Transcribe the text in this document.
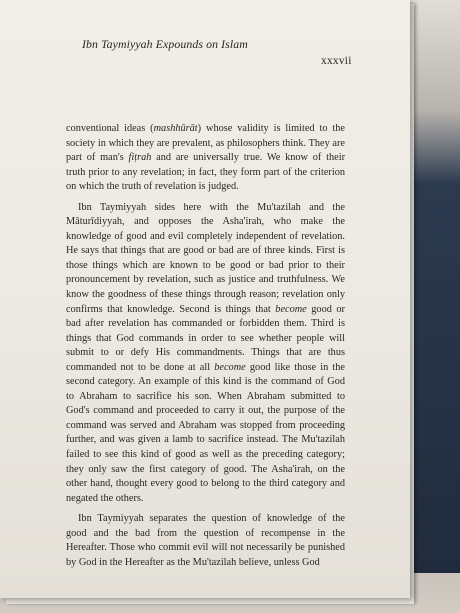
Ibn Taymiyyah Expounds on Islam
xxxvii

conventional ideas (mashhūrāt) whose validity is limited to the
society in which they are prevalent, as philosophers think. They are
part of man's fiṭrah and are universally true. We know of their
truth prior to any revelation; in fact, they form part of the criterion
on which the truth of revelation is judged.

Ibn Taymiyyah sides here with the Mu'tazilah and the
Māturīdiyyah, and opposes the Asha'irah, who make the
knowledge of good and evil completely independent of revelation.
He says that things that are good or bad are of three kinds. First is
those things which are known to be good or bad prior to their
pronouncement by revelation, such as justice and truthfulness. We
know the goodness of these things through reason; revelation only
confirms that knowledge. Second is things that become good or
bad after revelation has commanded or forbidden them. Third is
things that God commands in order to see whether people will
submit to or defy His commandments. Things that are thus
commanded not to be done at all become good like those in the
second category. An example of this kind is the command of God
to Abraham to sacrifice his son. When Abraham submitted to
God's command and proceeded to carry it out, the purpose of the
command was served and Abraham was stopped from proceeding
further, and was given a lamb to sacrifice instead. The Mu'tazilah
failed to see this kind of good as well as the preceding category;
they only saw the first category of good. The Asha'irah, on the
other hand, thought every good to belong to the third category and
negated the others.

Ibn Taymiyyah separates the question of knowledge of the
good and the bad from the question of recompense in the
Hereafter. Those who commit evil will not necessarily be punished
by God in the Hereafter as the Mu'tazilah believe, unless God
